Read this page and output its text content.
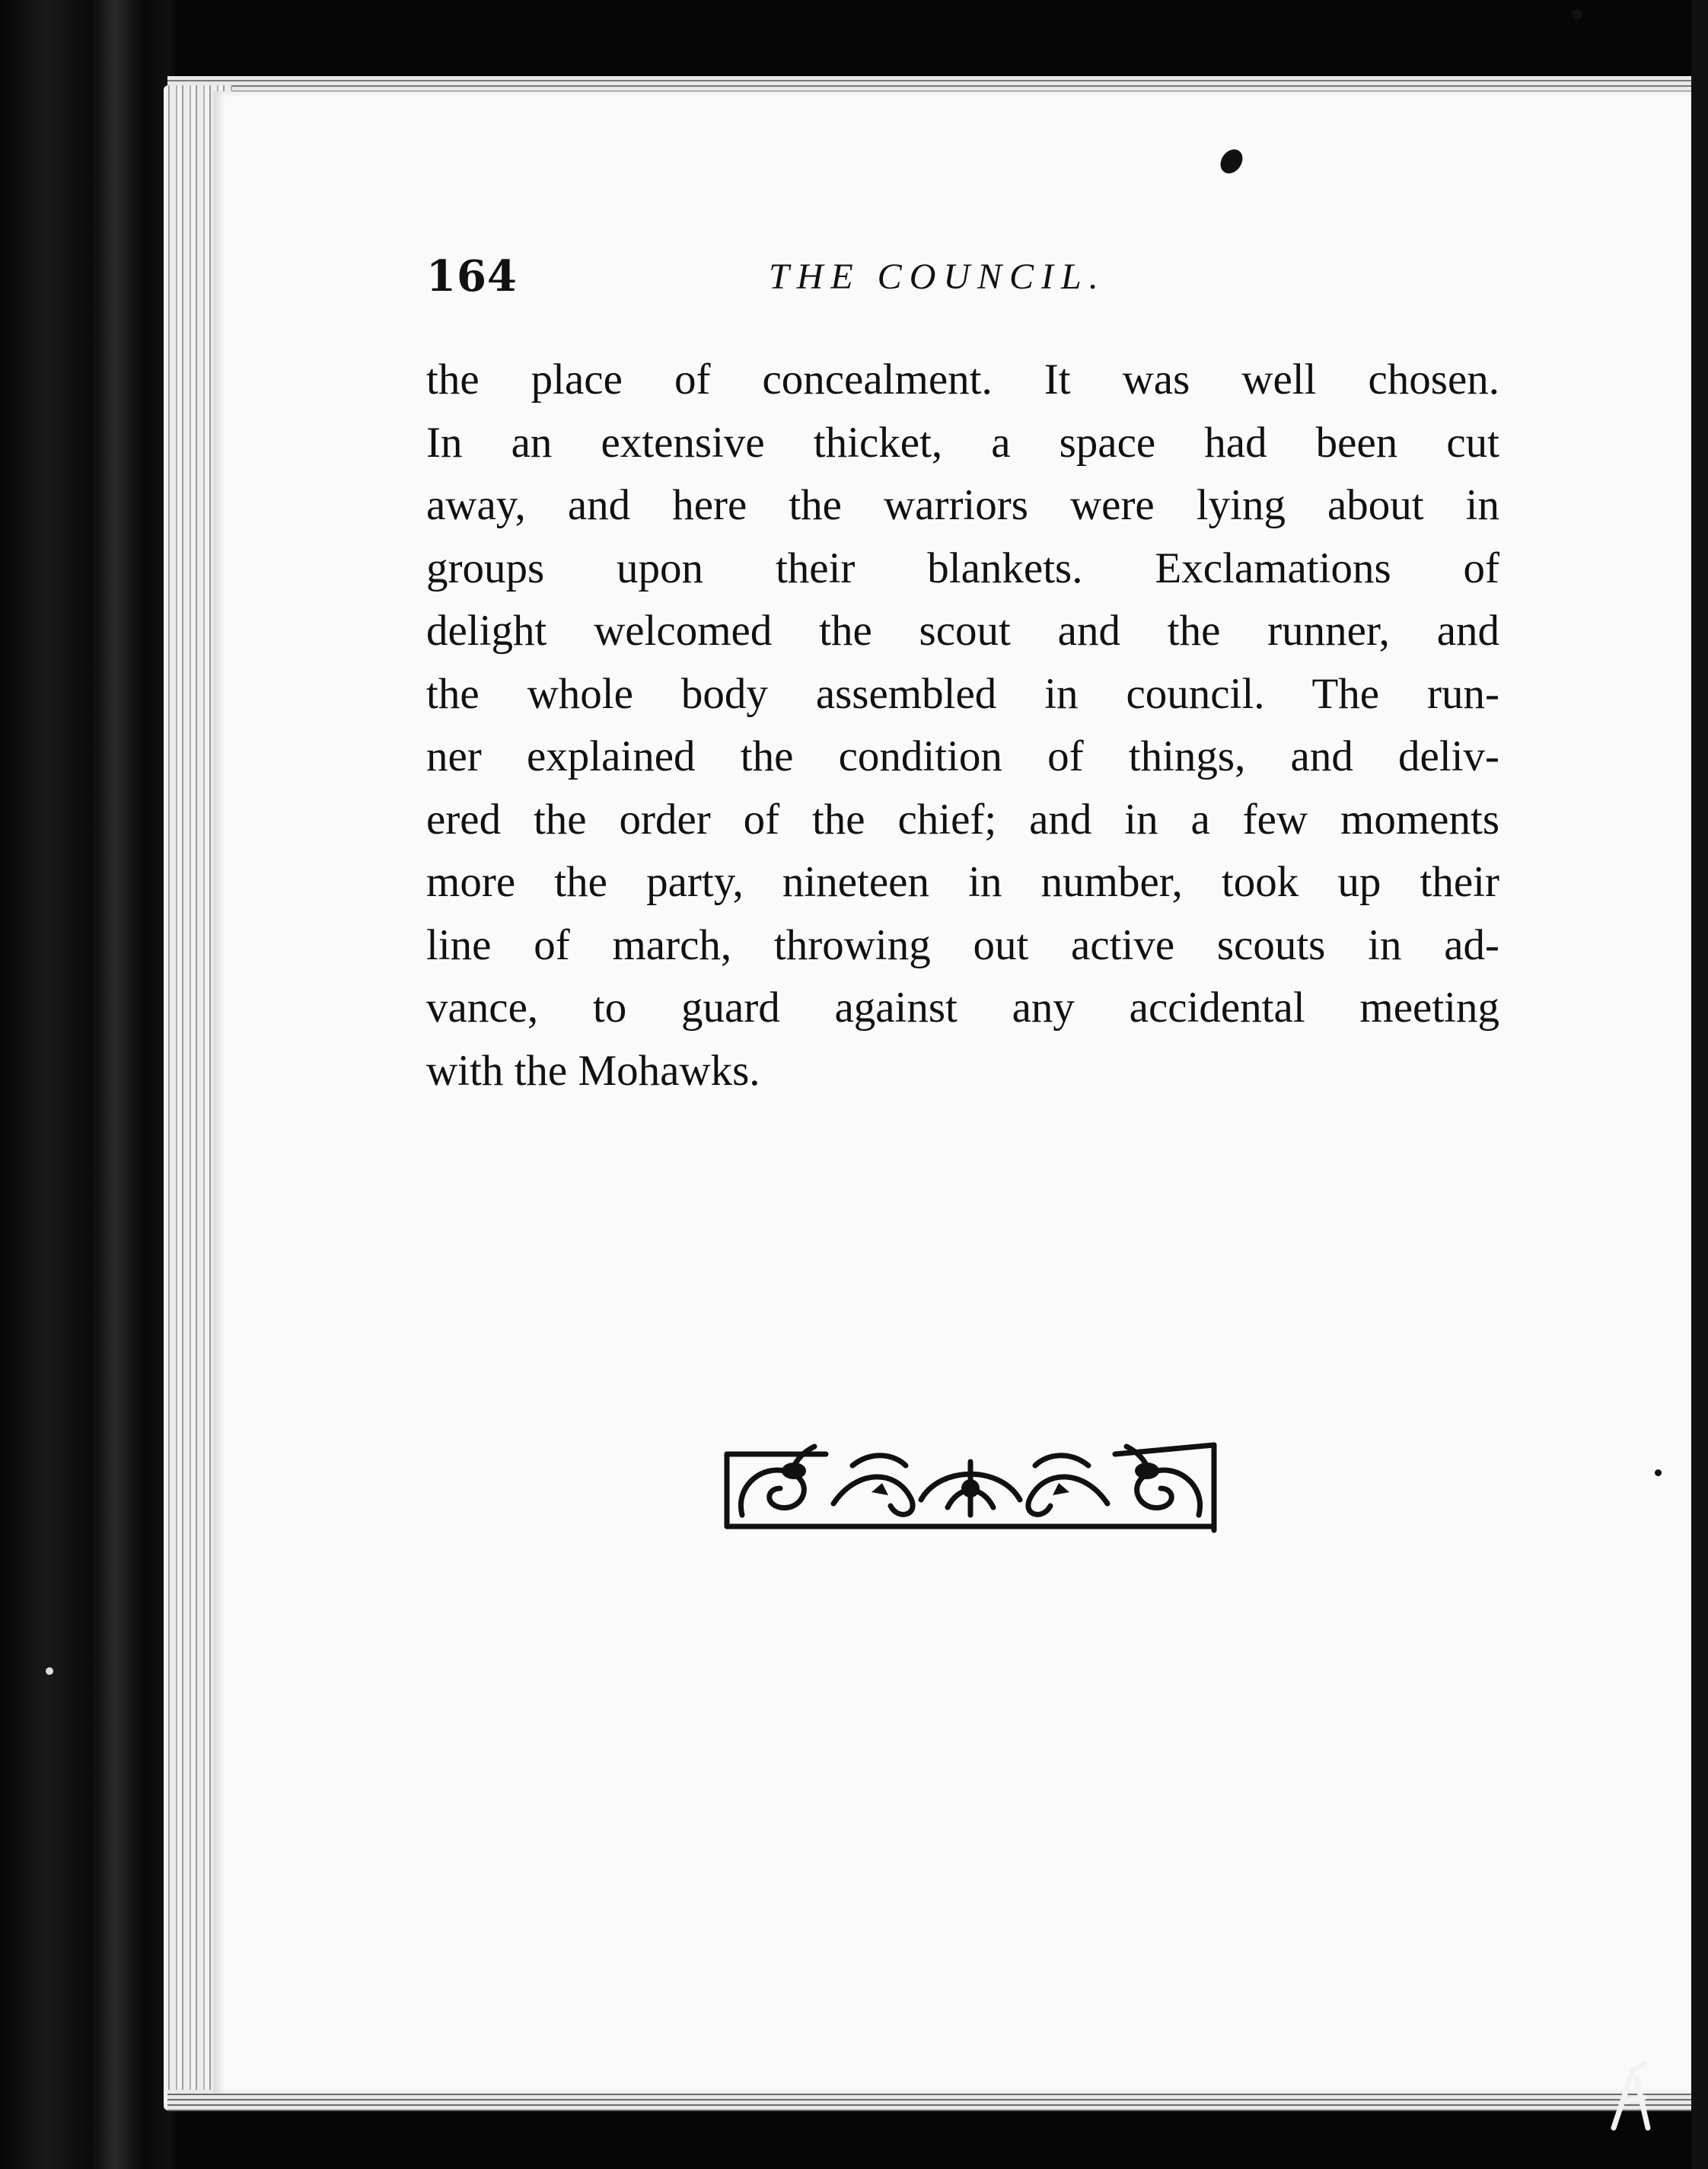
164	THE COUNCIL.
the place of concealment. It was well chosen.
In an extensive thicket, a space had been cut
away, and here the warriors were lying about in
groups upon their blankets. Exclamations of
delight welcomed the scout and the runner, and
the whole body assembled in council. The run-
ner explained the condition of things, and deliv-
ered the order of the chief; and in a few moments
more the party, nineteen in number, took up their
line of march, throwing out active scouts in ad-
vance, to guard against any accidental meeting
with the Mohawks.
